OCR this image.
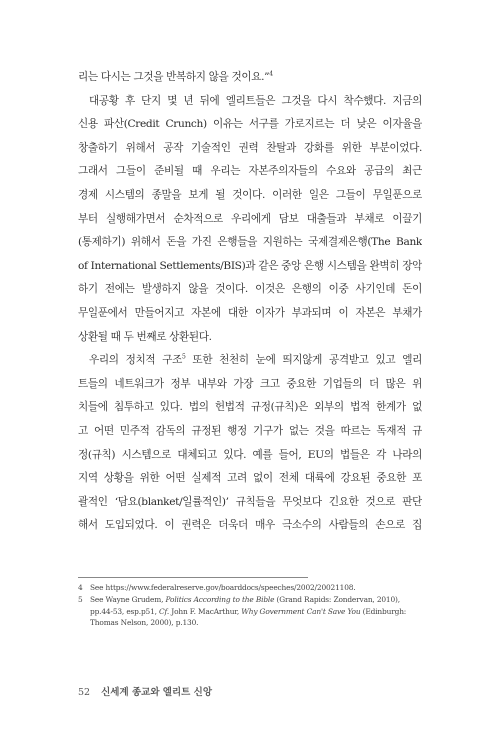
리는 다시는 그것을 반복하지 않을 것이요.”$^4$

대공황 후 단지 몇 년 뒤에 엘리트들은 그것을 다시 착수했다. 지금의
신용 파산(Credit Crunch) 이유는 서구를 가로지르는 더 낮은 이자율을
창출하기 위해서 공작 기술적인 권력 찬탈과 강화를 위한 부분이었다.
그래서 그들이 준비될 때 우리는 자본주의자들의 수요와 공급의 최근
경제 시스템의 종말을 보게 될 것이다. 이러한 일은 그들이 무일푼으로
부터 실행해가면서 순차적으로 우리에게 담보 대출들과 부채로 이끌기
(통제하기) 위해서 돈을 가진 은행들을 지원하는 국제결제은행(The Bank
of International Settlements/BIS)과 같은 중앙 은행 시스템을 완벽히 장악
하기 전에는 발생하지 않을 것이다. 이것은 은행의 이중 사기인데 돈이
무일푼에서 만들어지고 자본에 대한 이자가 부과되며 이 자본은 부채가
상환될 때 두 번째로 상환된다.

우리의 정치적 구조$^5$ 또한 천천히 눈에 띄지않게 공격받고 있고 엘리
트들의 네트워크가 정부 내부와 가장 크고 중요한 기업들의 더 많은 위
치들에 침투하고 있다. 법의 헌법적 규정(규칙)은 외부의 법적 한계가 없
고 어떤 민주적 감독의 규정된 행정 기구가 없는 것을 따르는 독재적 규
정(규칙) 시스템으로 대체되고 있다. 예를 들어, EU의 법들은 각 나라의
지역 상황을 위한 어떤 실제적 고려 없이 전체 대륙에 강요된 중요한 포
괄적인 ‘담요(blanket/일률적인)’ 규칙들을 무엇보다 긴요한 것으로 판단
해서 도입되었다. 이 권력은 더욱더 매우 극소수의 사람들의 손으로 집

4 See https://www.federalreserve.gov/boarddocs/speeches/2002/20021108.
5 See Wayne Grudem, Politics According to the Bible (Grand Rapids: Zondervan, 2010), pp.44-53, esp.p51, Cf. John F. MacArthur, Why Government Can't Save You (Edinburgh: Thomas Nelson, 2000), p.130.
52 신세계 종교와 엘리트 신앙
